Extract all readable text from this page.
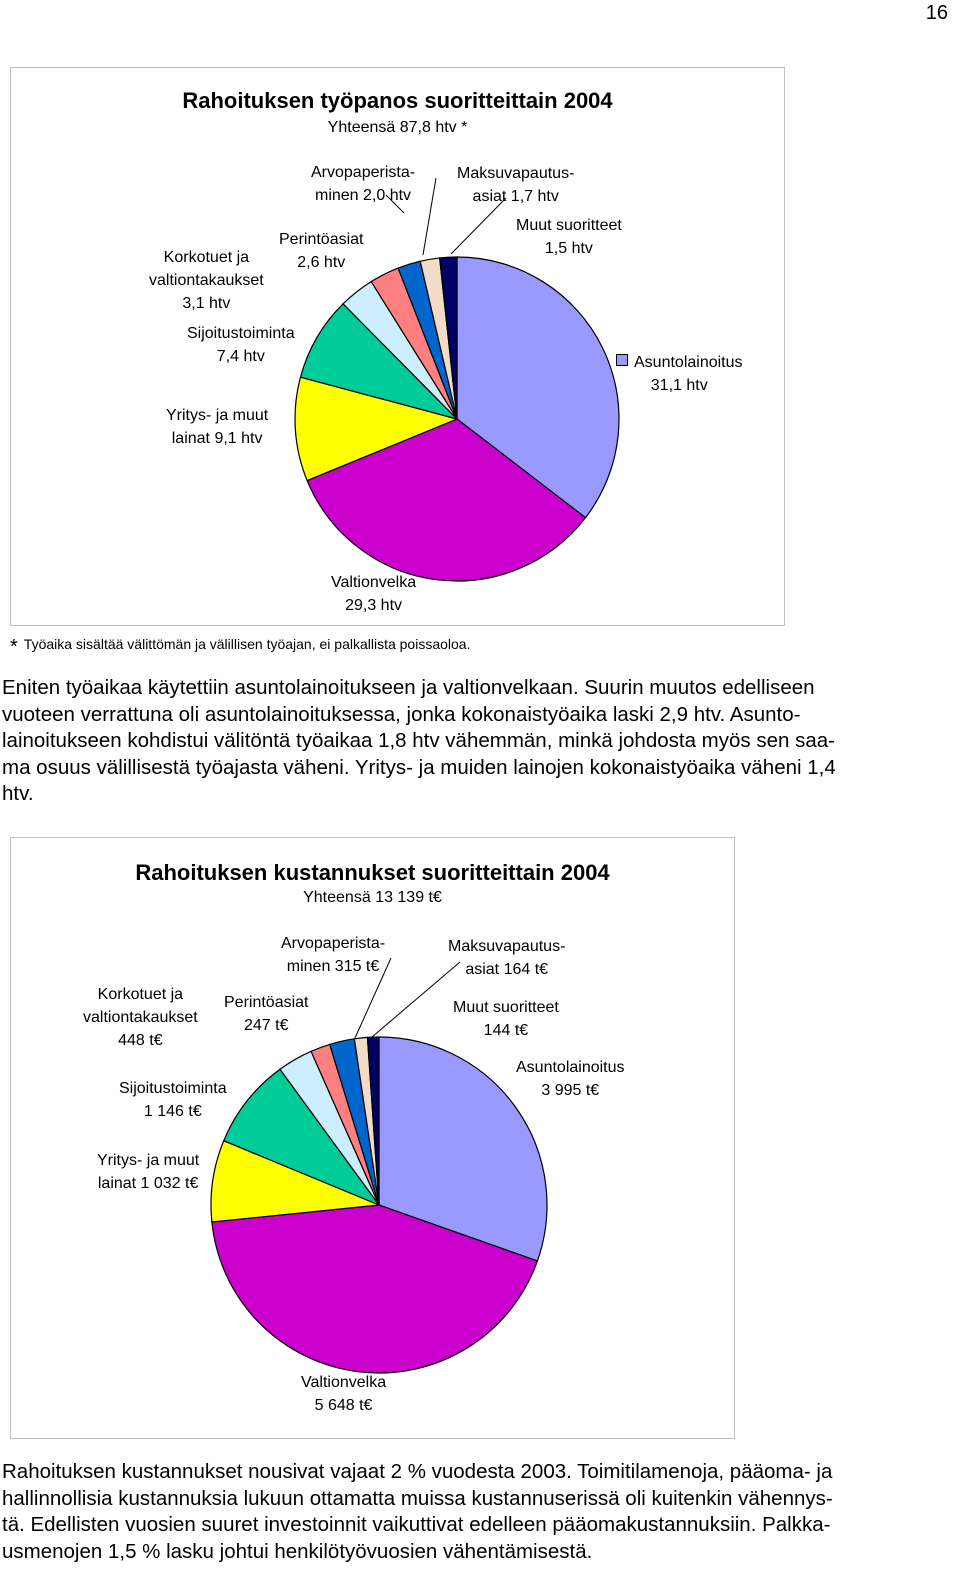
16
Rahoituksen työpanos suoritteittain 2004
Yhteensä 87,8 htv *
Asuntolainoitus
31,1 htv
Valtionvelka
29,3 htv
Yritys- ja muut
lainat 9,1 htv
Sijoitustoiminta
7,4 htv
Korkotuet ja
valtiontakaukset
3,1 htv
Perintöasiat
2,6 htv
Arvopaperista-
minen 2,0 htv
Maksuvapautus-
asiat 1,7 htv
Muut suoritteet
1,5 htv
* Työaika sisältää välittömän ja välillisen työajan, ei palkallista poissaoloa.

Eniten työaikaa käytettiin asuntolainoitukseen ja valtionvelkaan. Suurin muutos edelliseen
vuoteen verrattuna oli asuntolainoituksessa, jonka kokonaistyöaika laski 2,9 htv. Asunto-
lainoitukseen kohdistui välitöntä työaikaa 1,8 htv vähemmän, minkä johdosta myös sen saa-
ma osuus välillisestä työajasta väheni. Yritys- ja muiden lainojen kokonaistyöaika väheni 1,4
htv.

Rahoituksen kustannukset suoritteittain 2004
Yhteensä 13 139 t€
Asuntolainoitus
3 995 t€
Valtionvelka
5 648 t€
Yritys- ja muut
lainat 1 032 t€
Sijoitustoiminta
1 146 t€
Korkotuet ja
valtiontakaukset
448 t€
Perintöasiat
247 t€
Arvopaperista-
minen 315 t€
Maksuvapautus-
asiat 164 t€
Muut suoritteet
144 t€

Rahoituksen kustannukset nousivat vajaat 2 % vuodesta 2003. Toimitilamenoja, pääoma- ja
hallinnollisia kustannuksia lukuun ottamatta muissa kustannuserissä oli kuitenkin vähennys-
tä. Edellisten vuosien suuret investoinnit vaikuttivat edelleen pääomakustannuksiin. Palkka-
usmenojen 1,5 % lasku johtui henkilötyövuosien vähentämisestä.
